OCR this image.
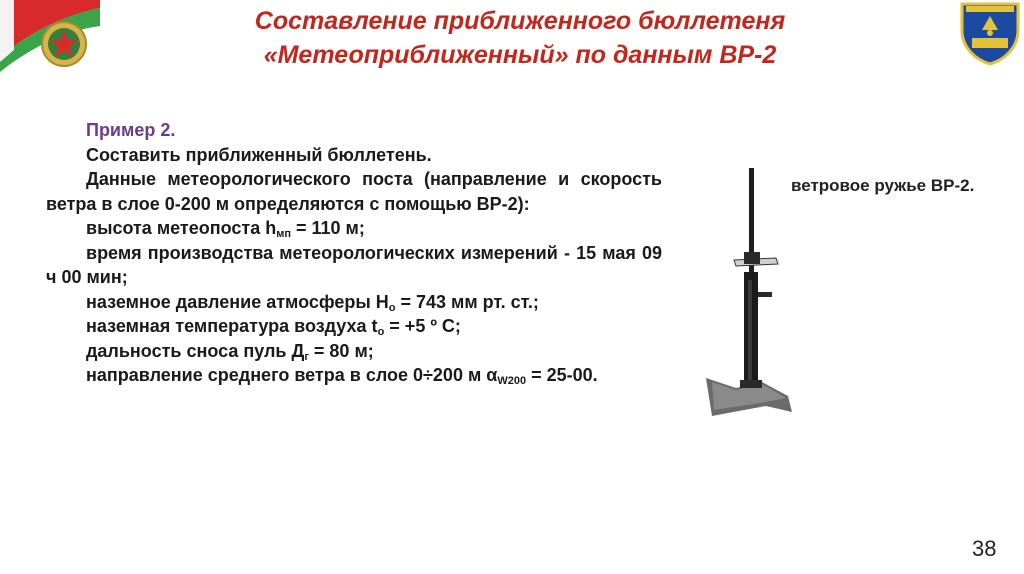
Составление приближенного бюллетеня
«Метеоприближенный» по данным ВР-2

Пример 2.

Составить приближенный бюллетень.

Данные метеорологического поста (направление и скорость ветра в слое 0-200 м определяются с помощью ВР-2):

высота метеопоста $h_{мп} = 110$ м;

время производства метеорологических измерений - 15 мая 09 ч 00 мин;

наземное давление атмосферы $H_o = 743$ мм рт. ст.;

наземная температура воздуха $t_o = +5$ º С;

дальность сноса пуль $Д_г = 80$ м;

направление среднего ветра в слое 0÷200 м $\alpha_{W200} = 25-00$.

ветровое ружье ВР-2.
38
